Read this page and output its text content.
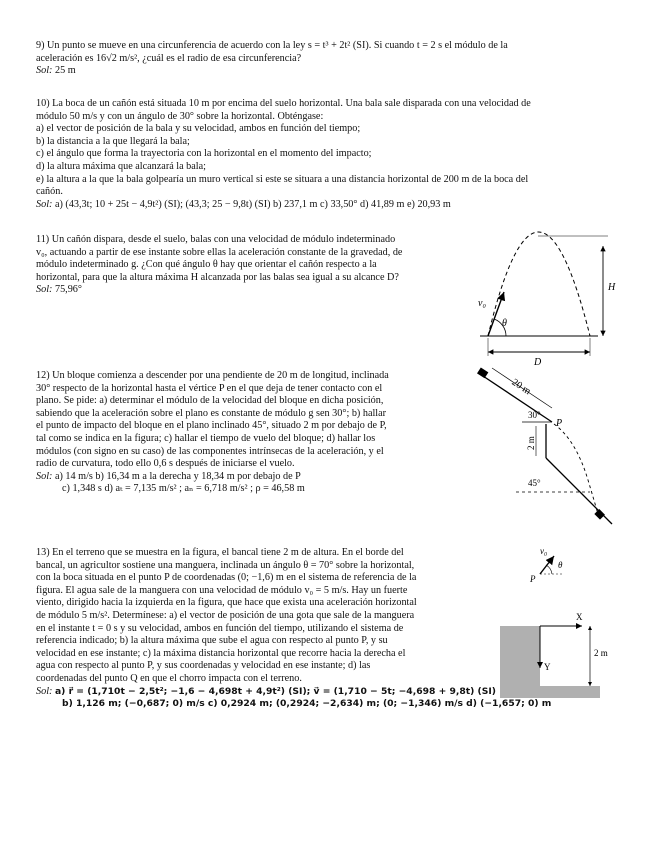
9) Un punto se mueve en una circunferencia de acuerdo con la ley s = t³ + 2t² (SI). Si cuando t = 2 s el módulo de la
aceleración es 16√2 m/s², ¿cuál es el radio de esa circunferencia?
Sol: 25 m
10) La boca de un cañón está situada 10 m por encima del suelo horizontal. Una bala sale disparada con una velocidad de
módulo 50 m/s y con un ángulo de 30° sobre la horizontal. Obténgase:
a) el vector de posición de la bala y su velocidad, ambos en función del tiempo;
b) la distancia a la que llegará la bala;
c) el ángulo que forma la trayectoria con la horizontal en el momento del impacto;
d) la altura máxima que alcanzará la bala;
e) la altura a la que la bala golpearía un muro vertical si este se situara a una distancia horizontal de 200 m de la boca del
cañón.
Sol: a) (43,3t; 10 + 25t − 4,9t²) (SI); (43,3; 25 − 9,8t) (SI) b) 237,1 m c) 33,50° d) 41,89 m e) 20,93 m
11) Un cañón dispara, desde el suelo, balas con una velocidad de módulo indeterminado
v₀, actuando a partir de ese instante sobre ellas la aceleración constante de la gravedad, de
módulo indeterminado g. ¿Con qué ángulo θ hay que orientar el cañón respecto a la
horizontal, para que la altura máxima H alcanzada por las balas sea igual a su alcance D?
Sol: 75,96°
v₀
θ
H
D
12) Un bloque comienza a descender por una pendiente de 20 m de longitud, inclinada
30° respecto de la horizontal hasta el vértice P en el que deja de tener contacto con el
plano. Se pide: a) determinar el módulo de la velocidad del bloque en dicha posición,
sabiendo que la aceleración sobre el plano es constante de módulo g sen 30°; b) hallar
el punto de impacto del bloque en el plano inclinado 45°, situado 2 m por debajo de P,
tal como se indica en la figura; c) hallar el tiempo de vuelo del bloque; d) hallar los
módulos (con signo en su caso) de las componentes intrínsecas de la aceleración, y el
radio de curvatura, todo ello 0,6 s después de iniciarse el vuelo.
Sol: a) 14 m/s b) 16,34 m a la derecha y 18,34 m por debajo de P
c) 1,348 s d) aₜ = 7,135 m/s² ; aₙ = 6,718 m/s² ; ρ = 46,58 m
20 m
30°
P
2 m
45°
13) En el terreno que se muestra en la figura, el bancal tiene 2 m de altura. En el borde del
bancal, un agricultor sostiene una manguera, inclinada un ángulo θ = 70° sobre la horizontal,
con la boca situada en el punto P de coordenadas (0; −1,6) m en el sistema de referencia de la
figura. El agua sale de la manguera con una velocidad de módulo v₀ = 5 m/s. Hay un fuerte
viento, dirigido hacia la izquierda en la figura, que hace que exista una aceleración horizontal
de módulo 5 m/s². Determínese: a) el vector de posición de una gota que sale de la manguera
en el instante t = 0 s y su velocidad, ambos en función del tiempo, utilizando el sistema de
referencia indicado; b) la altura máxima que sube el agua con respecto al punto P, y su
velocidad en ese instante; c) la máxima distancia horizontal que recorre hacia la derecha el
agua con respecto al punto P, y sus coordenadas y velocidad en ese instante; d) las
coordenadas del punto Q en que el chorro impacta con el terreno.
Sol: a) r⃗ = (1,710t − 2,5t²; −1,6 − 4,698t + 4,9t²) (SI); v⃗ = (1,710 − 5t; −4,698 + 9,8t) (SI)
b) 1,126 m; (−0,687; 0) m/s c) 0,2924 m; (0,2924; −2,634) m; (0; −1,346) m/s d) (−1,657; 0) m
v₀
θ
P
X
Y
2 m
